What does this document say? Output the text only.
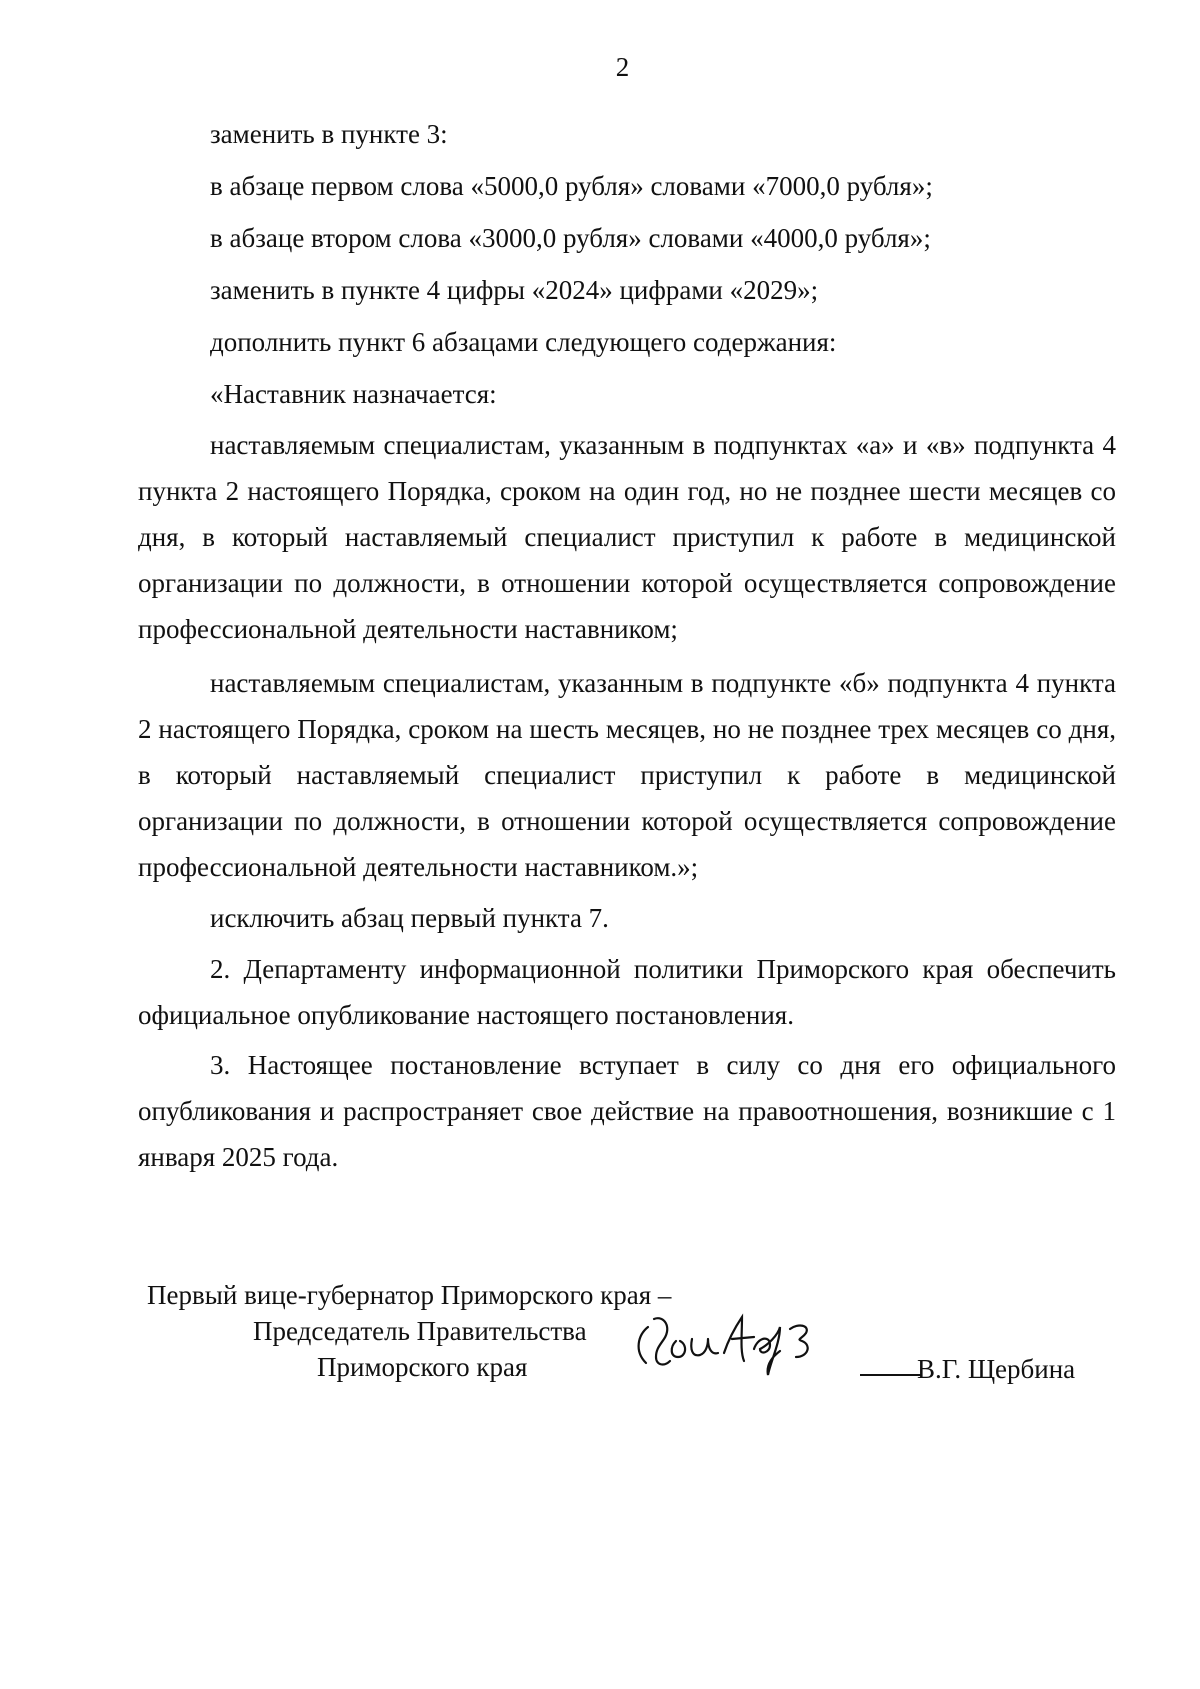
2

заменить в пункте 3:

в абзаце первом слова «5000,0 рубля» словами «7000,0 рубля»;

в абзаце втором слова «3000,0 рубля» словами «4000,0 рубля»;

заменить в пункте 4 цифры «2024» цифрами «2029»;

дополнить пункт 6 абзацами следующего содержания:

«Наставник назначается:

наставляемым специалистам, указанным в подпунктах «а» и «в» подпункта 4 пункта 2 настоящего Порядка, сроком на один год, но не позднее шести месяцев со дня, в который наставляемый специалист приступил к работе в медицинской организации по должности, в отношении которой осуществляется сопровождение профессиональной деятельности наставником;

наставляемым специалистам, указанным в подпункте «б» подпункта 4 пункта 2 настоящего Порядка, сроком на шесть месяцев, но не позднее трех месяцев со дня, в который наставляемый специалист приступил к работе в медицинской организации по должности, в отношении которой осуществляется сопровождение профессиональной деятельности наставником.»;

исключить абзац первый пункта 7.

2. Департаменту информационной политики Приморского края обеспечить официальное опубликование настоящего постановления.

3. Настоящее постановление вступает в силу со дня его официального опубликования и распространяет свое действие на правоотношения, возникшие с 1 января 2025 года.

Первый вице-губернатор Приморского края –
Председатель Правительства
Приморского края	В.Г. Щербина
